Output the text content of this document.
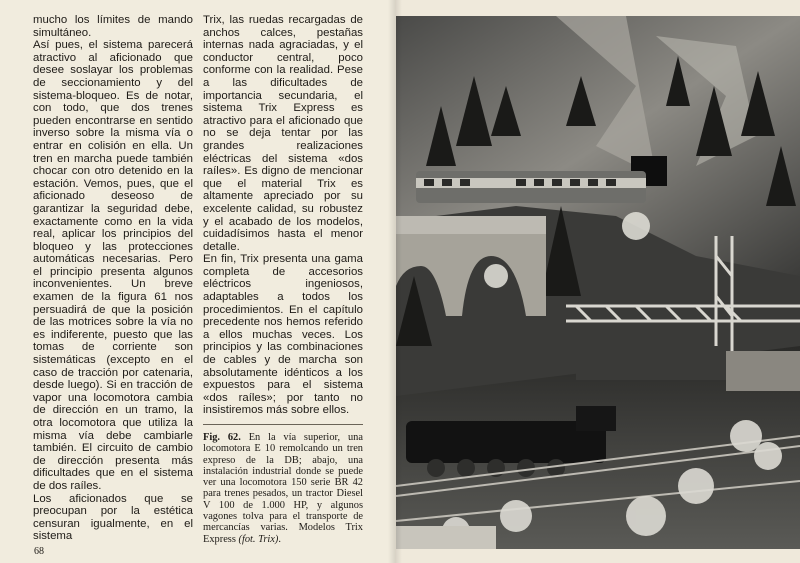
mucho los límites de mando simultáneo.

Así pues, el sistema parecerá atractivo al aficionado que desee soslayar los problemas de seccionamiento y del sistema-bloqueo. Es de notar, con todo, que dos trenes pueden encontrarse en sentido inverso sobre la misma vía o entrar en colisión en ella. Un tren en marcha puede también chocar con otro detenido en la estación. Vemos, pues, que el aficionado deseoso de garantizar la seguridad debe, exactamente como en la vida real, aplicar los principios del bloqueo y las protecciones automáticas necesarias. Pero el principio presenta algunos inconvenientes. Un breve examen de la figura 61 nos persuadirá de que la posición de las motrices sobre la vía no es indiferente, puesto que las tomas de corriente son sistemáticas (excepto en el caso de tracción por catenaria, desde luego). Si en tracción de vapor una locomotora cambia de dirección en un tramo, la otra locomotora que utiliza la misma vía debe cambiarle también. El circuito de cambio de dirección presenta más dificultades que en el sistema de dos raíles.

Los aficionados que se preocupan por la estética censuran igualmente, en el sistema

Trix, las ruedas recargadas de anchos calces, pestañas internas nada agraciadas, y el conductor central, poco conforme con la realidad. Pese a las dificultades de importancia secundaria, el sistema Trix Express es atractivo para el aficionado que no se deja tentar por las grandes realizaciones eléctricas del sistema «dos raíles». Es digno de mencionar que el material Trix es altamente apreciado por su excelente calidad, su robustez y el acabado de los modelos, cuidadísimos hasta el menor detalle.

En fin, Trix presenta una gama completa de accesorios eléctricos ingeniosos, adaptables a todos los procedimientos. En el capítulo precedente nos hemos referido a ellos muchas veces. Los principios y las combinaciones de cables y de marcha son absolutamente idénticos a los expuestos para el sistema «dos raíles»; por tanto no insistiremos más sobre ellos.

Fig. 62. En la vía superior, una locomotora E 10 remolcando un tren expreso de la DB; abajo, una instalación industrial donde se puede ver una locomotora 150 serie BR 42 para trenes pesados, un tractor Diesel V 100 de 1.000 HP, y algunos vagones tolva para el transporte de mercancías varias. Modelos Trix Express (fot. Trix).
68
